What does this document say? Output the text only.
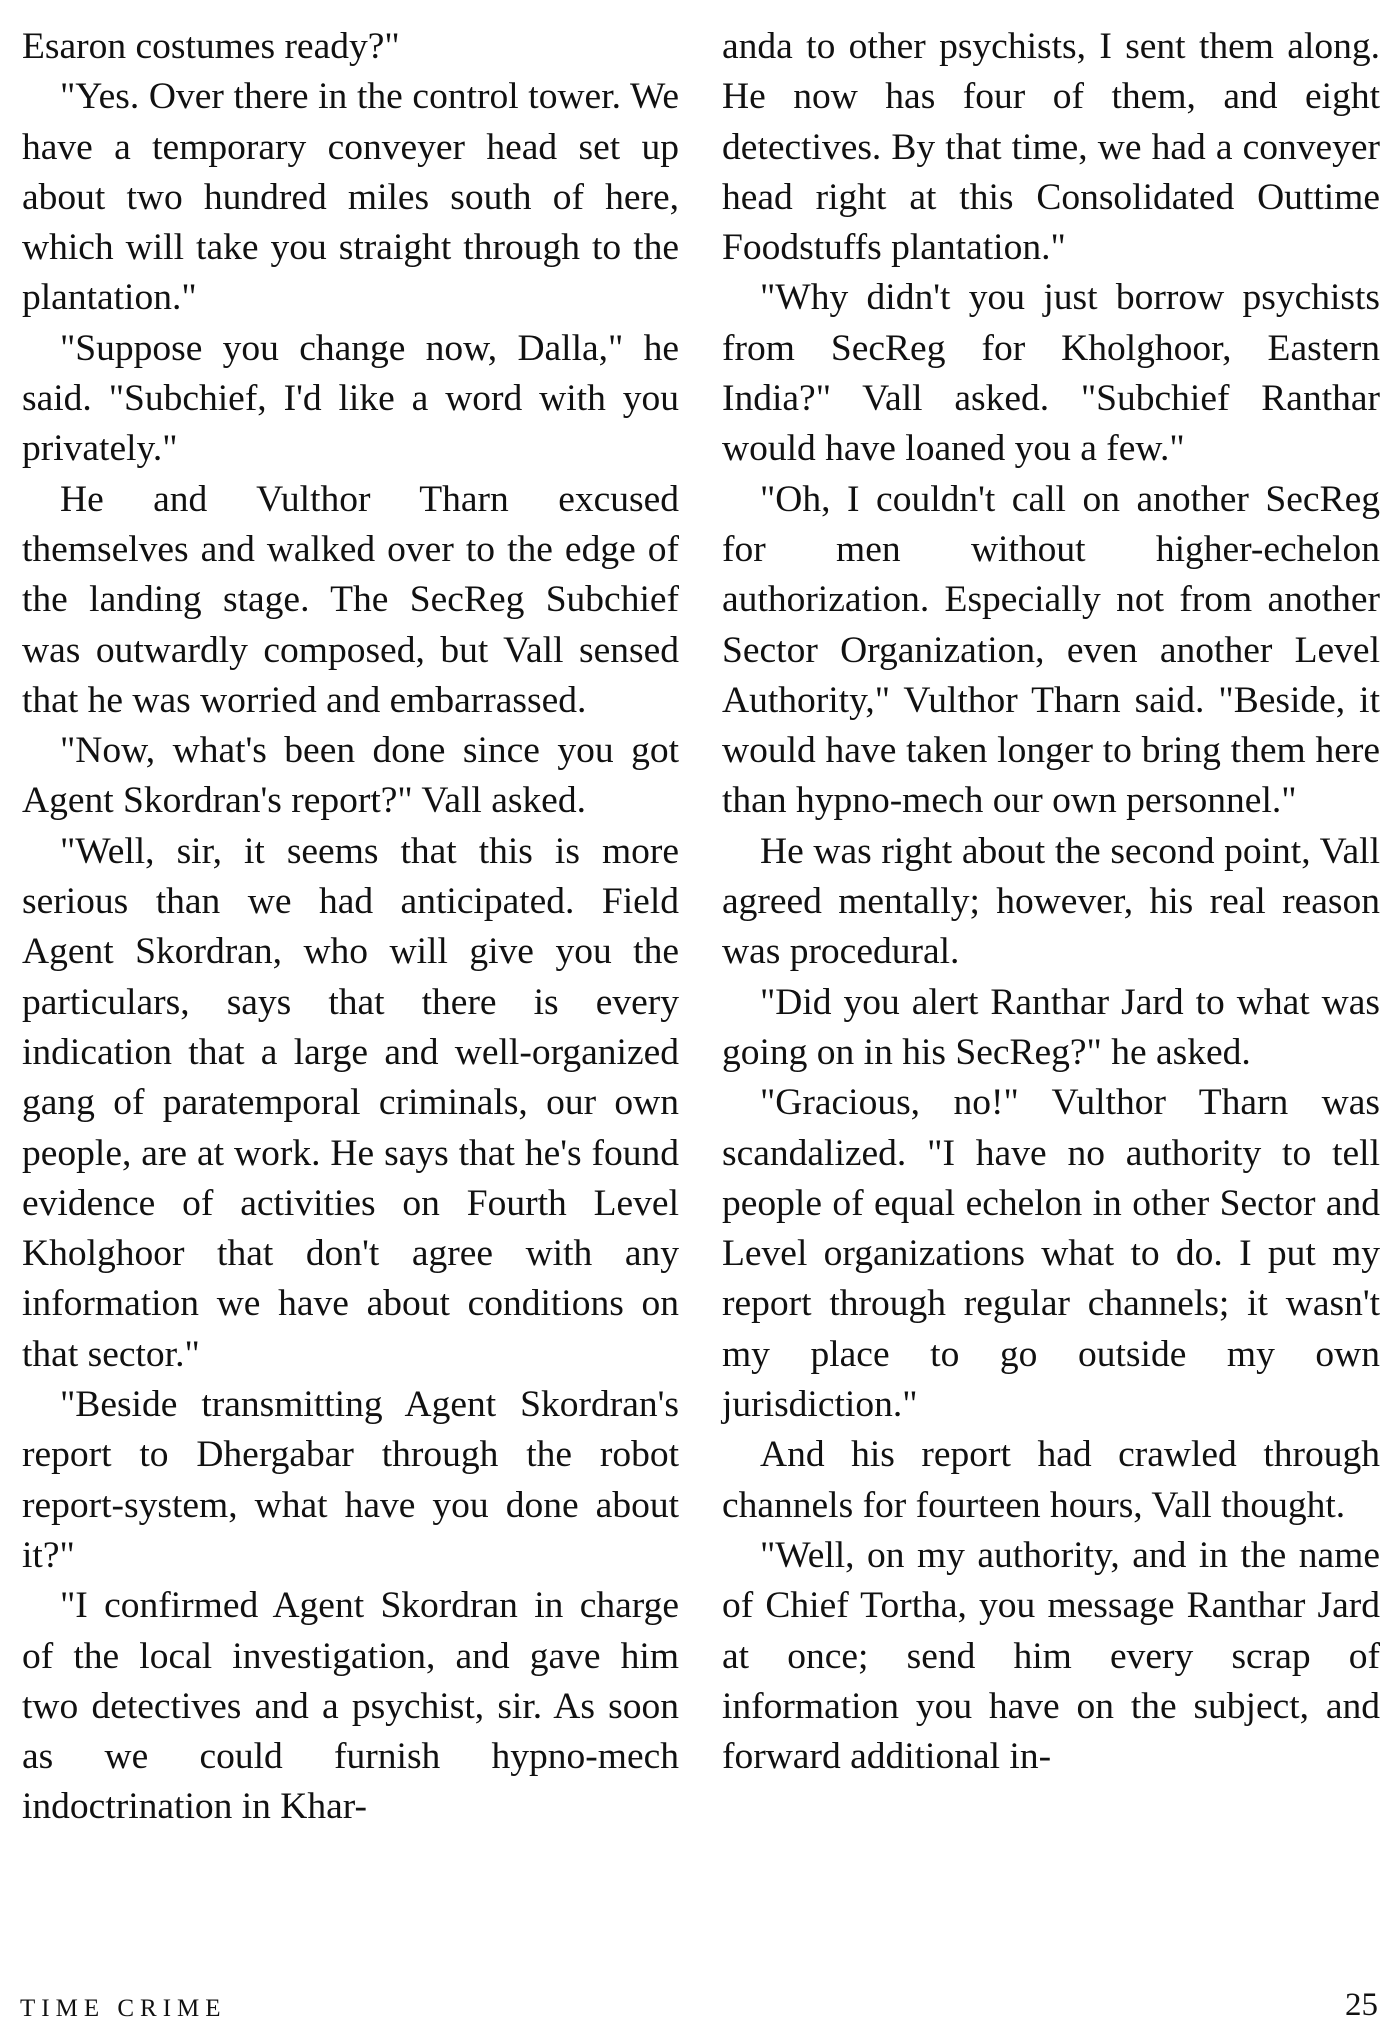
Esaron costumes ready?"

"Yes. Over there in the control tower. We have a temporary conveyer head set up about two hundred miles south of here, which will take you straight through to the plantation."

"Suppose you change now, Dalla," he said. "Subchief, I'd like a word with you privately."

He and Vulthor Tharn excused themselves and walked over to the edge of the landing stage. The SecReg Subchief was outwardly composed, but Vall sensed that he was worried and embarrassed.

"Now, what's been done since you got Agent Skordran's report?" Vall asked.

"Well, sir, it seems that this is more serious than we had anticipated. Field Agent Skordran, who will give you the particulars, says that there is every indication that a large and well-organized gang of paratemporal criminals, our own people, are at work. He says that he's found evidence of activities on Fourth Level Kholghoor that don't agree with any information we have about conditions on that sector."

"Beside transmitting Agent Skordran's report to Dhergabar through the robot report-system, what have you done about it?"

"I confirmed Agent Skordran in charge of the local investigation, and gave him two detectives and a psychist, sir. As soon as we could furnish hypno-mech indoctrination in Khar-

anda to other psychists, I sent them along. He now has four of them, and eight detectives. By that time, we had a conveyer head right at this Consolidated Outtime Foodstuffs plantation."

"Why didn't you just borrow psychists from SecReg for Kholghoor, Eastern India?" Vall asked. "Subchief Ranthar would have loaned you a few."

"Oh, I couldn't call on another SecReg for men without higher-echelon authorization. Especially not from another Sector Organization, even another Level Authority," Vulthor Tharn said. "Beside, it would have taken longer to bring them here than hypno-mech our own personnel."

He was right about the second point, Vall agreed mentally; however, his real reason was procedural.

"Did you alert Ranthar Jard to what was going on in his SecReg?" he asked.

"Gracious, no!" Vulthor Tharn was scandalized. "I have no authority to tell people of equal echelon in other Sector and Level organizations what to do. I put my report through regular channels; it wasn't my place to go outside my own jurisdiction."

And his report had crawled through channels for fourteen hours, Vall thought.

"Well, on my authority, and in the name of Chief Tortha, you message Ranthar Jard at once; send him every scrap of information you have on the subject, and forward additional in-

TIME CRIME	25
